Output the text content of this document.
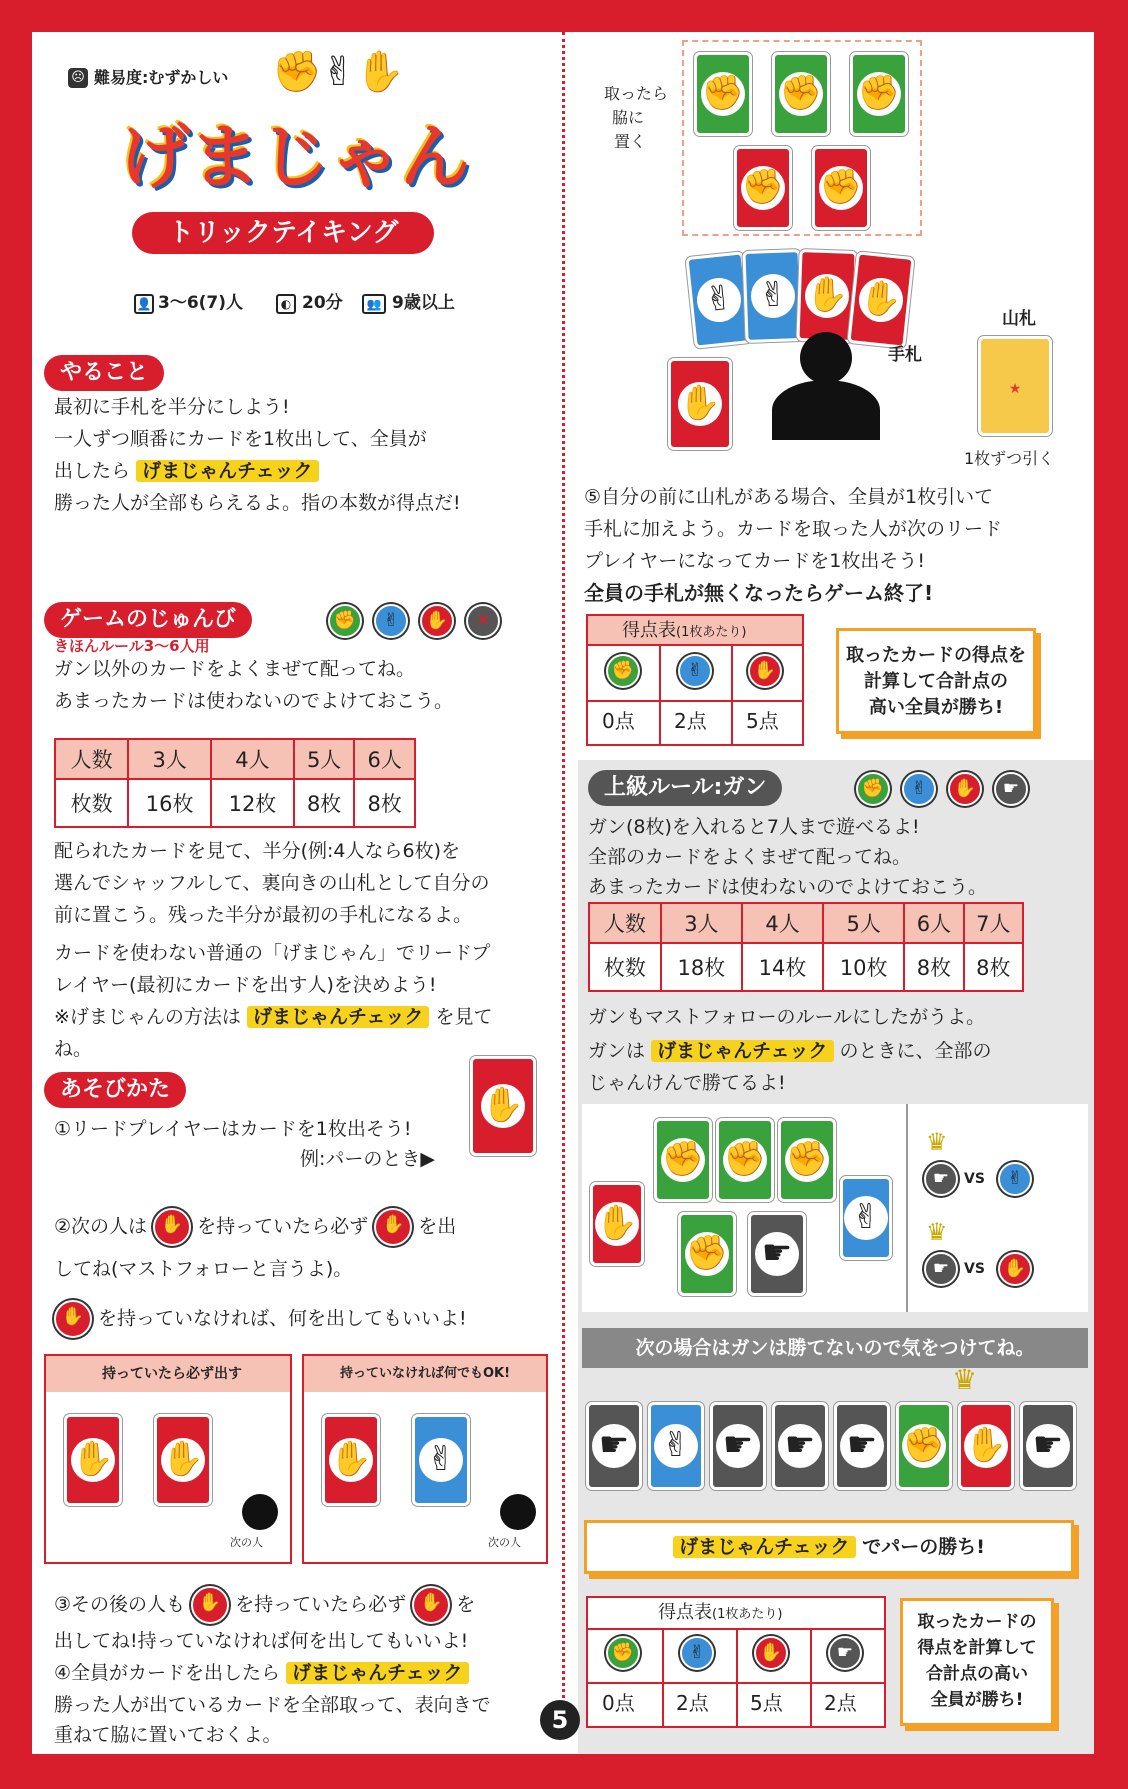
☹ 難易度:むずかしい ✊✌✋
げまじゃん
トリックテイキング
👤 3〜6(7)人	◐ 20分	👥 9歳以上
やること
最初に手札を半分にしよう!
一人ずつ順番にカードを1枚出して、全員が
出したら げまじゃんチェック
勝った人が全部もらえるよ。指の本数が得点だ!
ゲームのじゅんび	✊	✌	✋	✕
きほんルール3〜6人用
ガン以外のカードをよくまぜて配ってね。
あまったカードは使わないのでよけておこう。
人数	3人	4人	5人	6人
枚数	16枚	12枚	8枚	8枚
配られたカードを見て、半分(例:4人なら6枚)を
選んでシャッフルして、裏向きの山札として自分の
前に置こう。残った半分が最初の手札になるよ。
カードを使わない普通の「げまじゃん」でリードプ
レイヤー(最初にカードを出す人)を決めよう!
※げまじゃんの方法は げまじゃんチェック を見て
ね。
あそびかた
①リードプレイヤーはカードを1枚出そう!
例:パーのとき▶
✋
②次の人は ✋ を持っていたら必ず ✋ を出
してね(マストフォローと言うよ)。
✋ を持っていなければ、何を出してもいいよ!
持っていたら必ず出す
✋ ✋
次の人
持っていなければ何でもOK!
✋ ✌
次の人
③その後の人も ✋ を持っていたら必ず ✋ を
出してね!持っていなければ何を出してもいいよ!
④全員がカードを出したら げまじゃんチェック
勝った人が出ているカードを全部取って、表向きで
重ねて脇に置いておくよ。
取ったら
脇に
置く
✊ ✊ ✊
✊ ✊
✌ ✌ ✋ ✋
手札
✋
山札
★
1枚ずつ引く
⑤自分の前に山札がある場合、全員が1枚引いて
手札に加えよう。カードを取った人が次のリード
プレイヤーになってカードを1枚出そう!
全員の手札が無くなったらゲーム終了!
得点表(1枚あたり)
✊	✌	✋
0点 2点 5点
取ったカードの得点を
計算して合計点の
高い全員が勝ち!
上級ルール:ガン	✊	✌	✋	☛
ガン(8枚)を入れると7人まで遊べるよ!
全部のカードをよくまぜて配ってね。
あまったカードは使わないのでよけておこう。
人数	3人	4人	5人	6人	7人
枚数	18枚	14枚	10枚	8枚	8枚
ガンもマストフォローのルールにしたがうよ。
ガンは げまじゃんチェック のときに、全部の
じゃんけんで勝てるよ!
✋
✊ ✊ ✊
✊ ☛
✌
♛
☛	VS	✌
♛
☛	VS	✋
次の場合はガンは勝てないので気をつけてね。
♛
☛ ✌ ☛ ☛ ☛ ✊ ✋ ☛
げまじゃんチェック でパーの勝ち!
得点表(1枚あたり)
✊	✌	✋	☛
0点 2点 5点 2点
取ったカードの
得点を計算して
合計点の高い
全員が勝ち!
5
